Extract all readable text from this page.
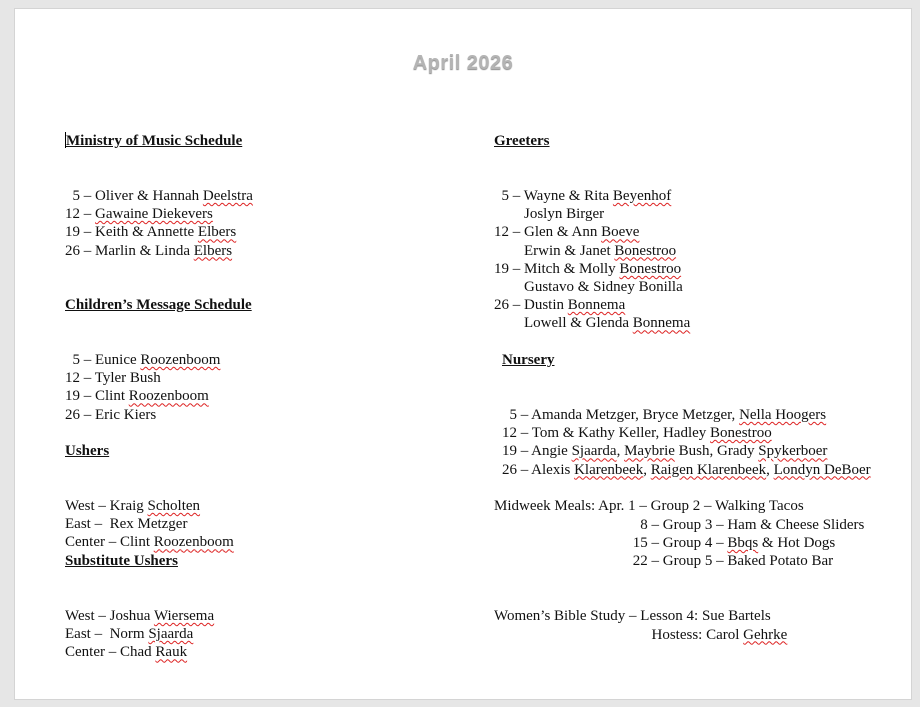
April 2026

Ministry of Music Schedule

5 – Oliver & Hannah Deelstra
12 – Gawaine Diekevers
19 – Keith & Annette Elbers
26 – Marlin & Linda Elbers

Children’s Message Schedule

5 – Eunice Roozenboom
12 – Tyler Bush
19 – Clint Roozenboom
26 – Eric Kiers

Ushers

West – Kraig Scholten
East –  Rex Metzger
Center – Clint Roozenboom

Substitute Ushers

West – Joshua Wiersema
East –  Norm Sjaarda
Center – Chad Rauk

Greeters

5 – Wayne & Rita Beyenhof
Joslyn Birger
12 – Glen & Ann Boeve
Erwin & Janet Bonestroo
19 – Mitch & Molly Bonestroo
Gustavo & Sidney Bonilla
26 – Dustin Bonnema
Lowell & Glenda Bonnema

Nursery

5 – Amanda Metzger, Bryce Metzger, Nella Hoogers
12 – Tom & Kathy Keller, Hadley Bonestroo
19 – Angie Sjaarda, Maybrie Bush, Grady Spykerboer
26 – Alexis Klarenbeek, Raigen Klarenbeek, Londyn DeBoer

Midweek Meals: Apr. 1 – Group 2 – Walking Tacos
8 – Group 3 – Ham & Cheese Sliders
15 – Group 4 – Bbqs & Hot Dogs
22 – Group 5 – Baked Potato Bar

Women’s Bible Study – Lesson 4: Sue Bartels
Hostess: Carol Gehrke
